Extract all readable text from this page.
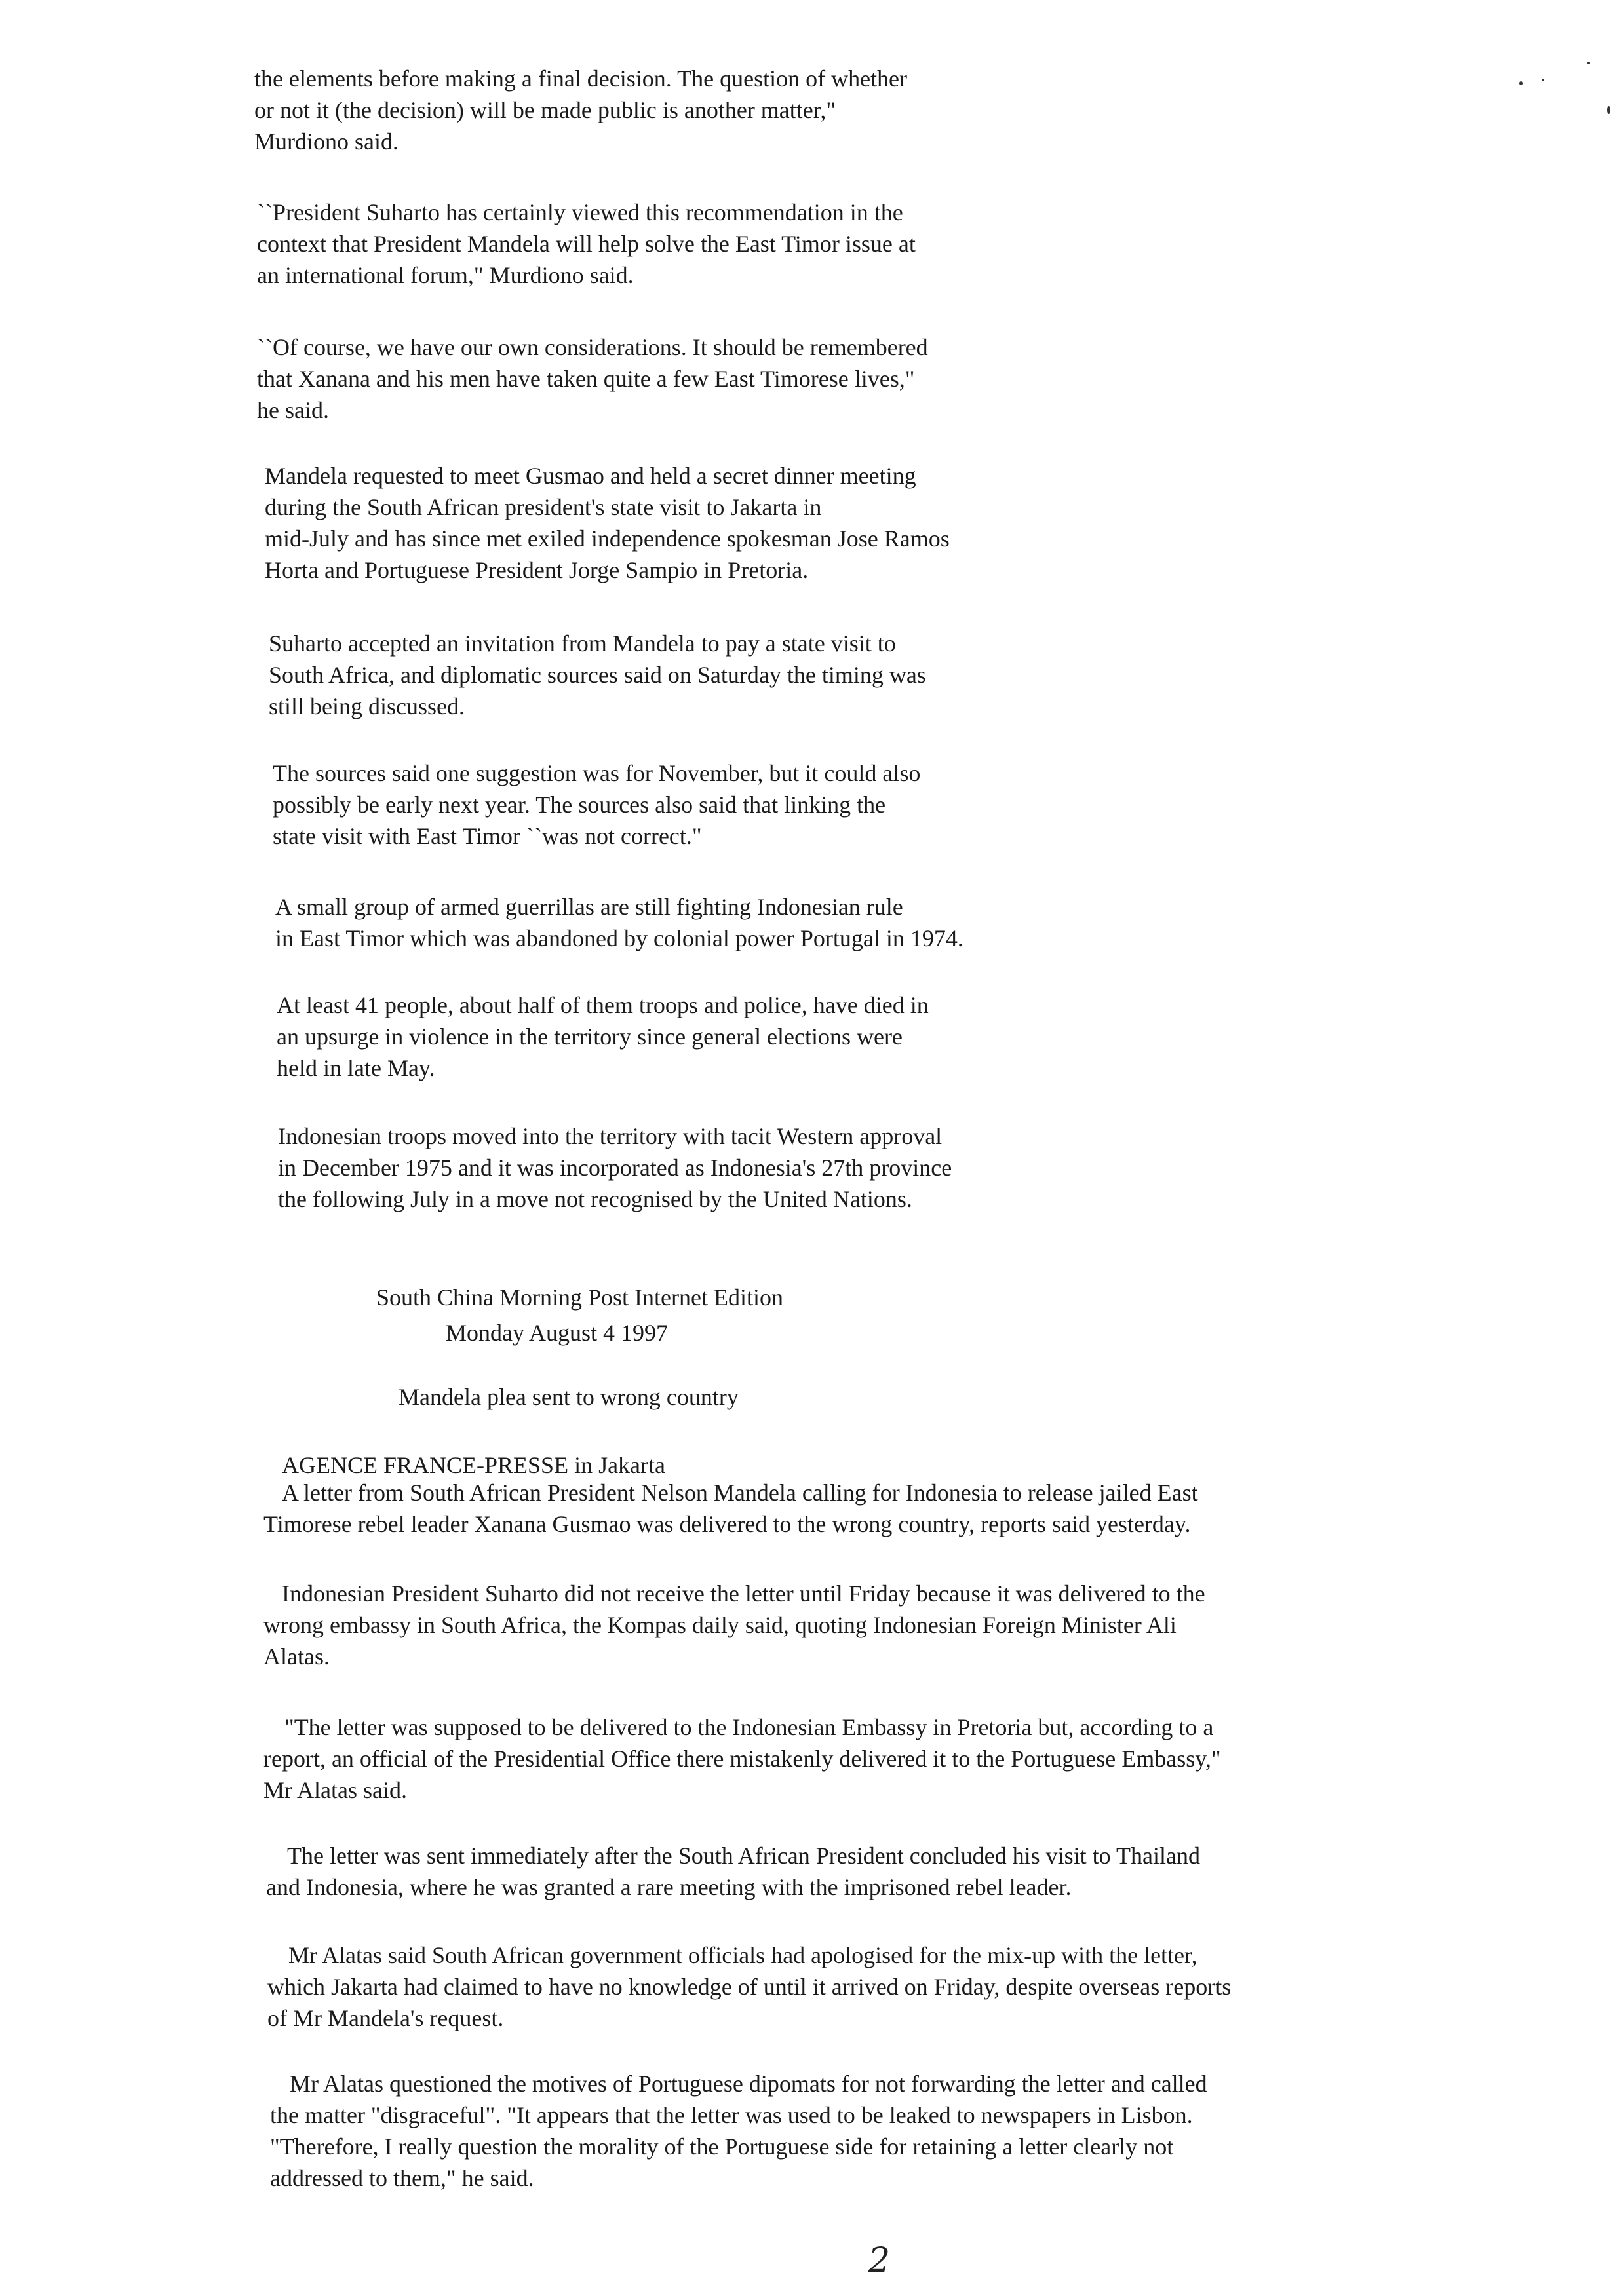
the elements before making a final decision. The question of whether
or not it (the decision) will be made public is another matter,"
Murdiono said.

``President Suharto has certainly viewed this recommendation in the
context that President Mandela will help solve the East Timor issue at
an international forum," Murdiono said.

``Of course, we have our own considerations. It should be remembered
that Xanana and his men have taken quite a few East Timorese lives,"
he said.

Mandela requested to meet Gusmao and held a secret dinner meeting
during the South African president's state visit to Jakarta in
mid-July and has since met exiled independence spokesman Jose Ramos
Horta and Portuguese President Jorge Sampio in Pretoria.

Suharto accepted an invitation from Mandela to pay a state visit to
South Africa, and diplomatic sources said on Saturday the timing was
still being discussed.

The sources said one suggestion was for November, but it could also
possibly be early next year. The sources also said that linking the
state visit with East Timor ``was not correct."

A small group of armed guerrillas are still fighting Indonesian rule
in East Timor which was abandoned by colonial power Portugal in 1974.

At least 41 people, about half of them troops and police, have died in
an upsurge in violence in the territory since general elections were
held in late May.

Indonesian troops moved into the territory with tacit Western approval
in December 1975 and it was incorporated as Indonesia's 27th province
the following July in a move not recognised by the United Nations.

South China Morning Post Internet Edition
Monday August 4 1997
Mandela plea sent to wrong country
AGENCE FRANCE-PRESSE in Jakarta

A letter from South African President Nelson Mandela calling for Indonesia to release jailed East
Timorese rebel leader Xanana Gusmao was delivered to the wrong country, reports said yesterday.

Indonesian President Suharto did not receive the letter until Friday because it was delivered to the
wrong embassy in South Africa, the Kompas daily said, quoting Indonesian Foreign Minister Ali
Alatas.

"The letter was supposed to be delivered to the Indonesian Embassy in Pretoria but, according to a
report, an official of the Presidential Office there mistakenly delivered it to the Portuguese Embassy,"
Mr Alatas said.

The letter was sent immediately after the South African President concluded his visit to Thailand
and Indonesia, where he was granted a rare meeting with the imprisoned rebel leader.

Mr Alatas said South African government officials had apologised for the mix-up with the letter,
which Jakarta had claimed to have no knowledge of until it arrived on Friday, despite overseas reports
of Mr Mandela's request.

Mr Alatas questioned the motives of Portuguese dipomats for not forwarding the letter and called
the matter "disgraceful". "It appears that the letter was used to be leaked to newspapers in Lisbon.
"Therefore, I really question the morality of the Portuguese side for retaining a letter clearly not
addressed to them," he said.

2
